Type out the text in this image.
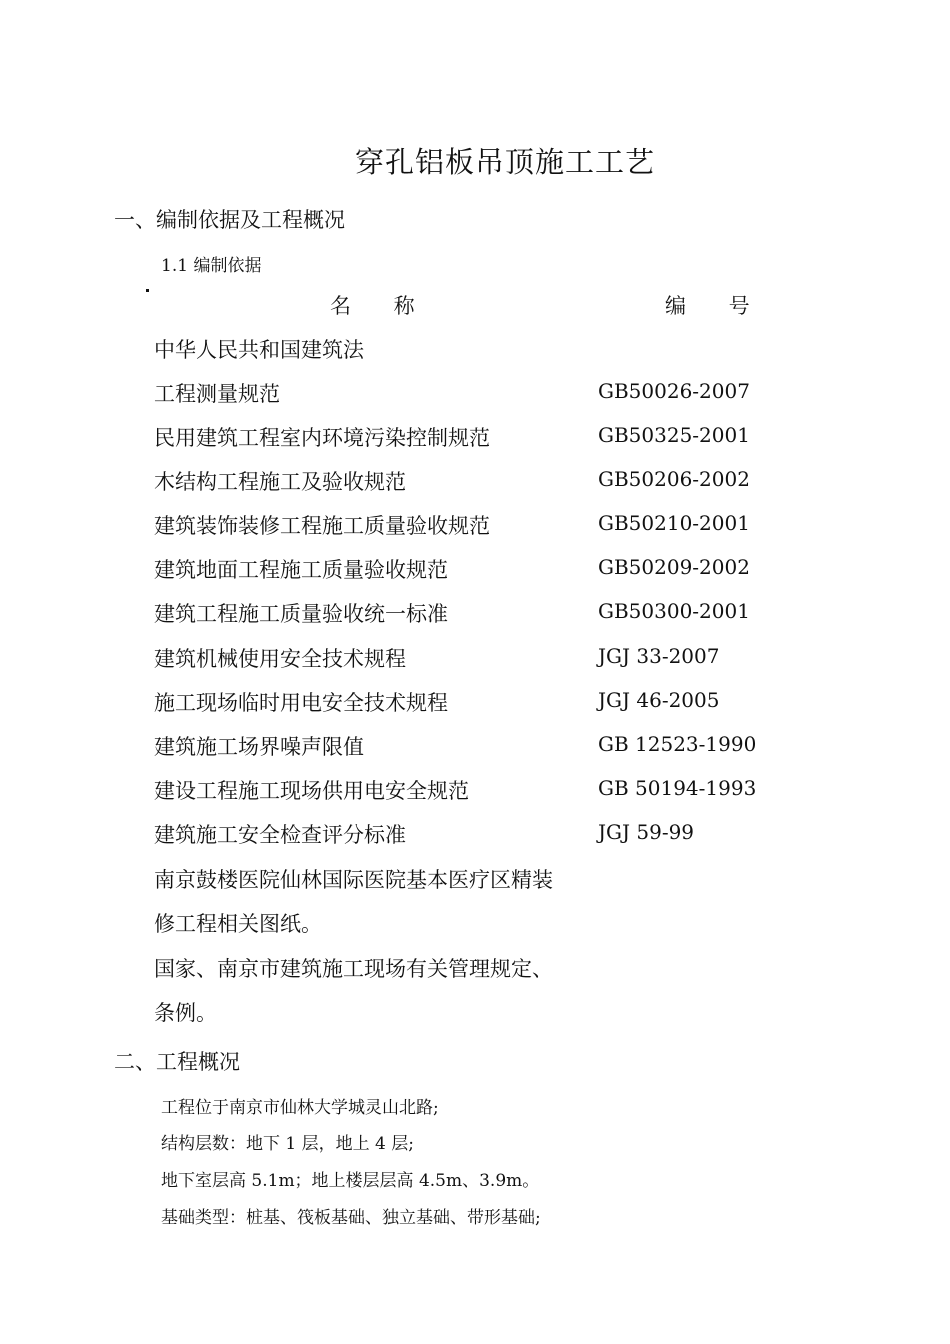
穿孔铝板吊顶施工工艺
一、编制依据及工程概况
1.1 编制依据
名 称	编 号
中华人民共和国建筑法
工程测量规范	GB50026-2007
民用建筑工程室内环境污染控制规范	GB50325-2001
木结构工程施工及验收规范	GB50206-2002
建筑装饰装修工程施工质量验收规范	GB50210-2001
建筑地面工程施工质量验收规范	GB50209-2002
建筑工程施工质量验收统一标准	GB50300-2001
建筑机械使用安全技术规程	JGJ 33-2007
施工现场临时用电安全技术规程	JGJ 46-2005
建筑施工场界噪声限值	GB 12523-1990
建设工程施工现场供用电安全规范	GB 50194-1993
建筑施工安全检查评分标准	JGJ 59-99
南京鼓楼医院仙林国际医院基本医疗区精装
修工程相关图纸。
国家、南京市建筑施工现场有关管理规定、
条例。
二、工程概况
工程位于南京市仙林大学城灵山北路;
结构层数：地下 1 层，地上 4 层;
地下室层高 5.1m；地上楼层层高 4.5m、3.9m。
基础类型：桩基、筏板基础、独立基础、带形基础;
